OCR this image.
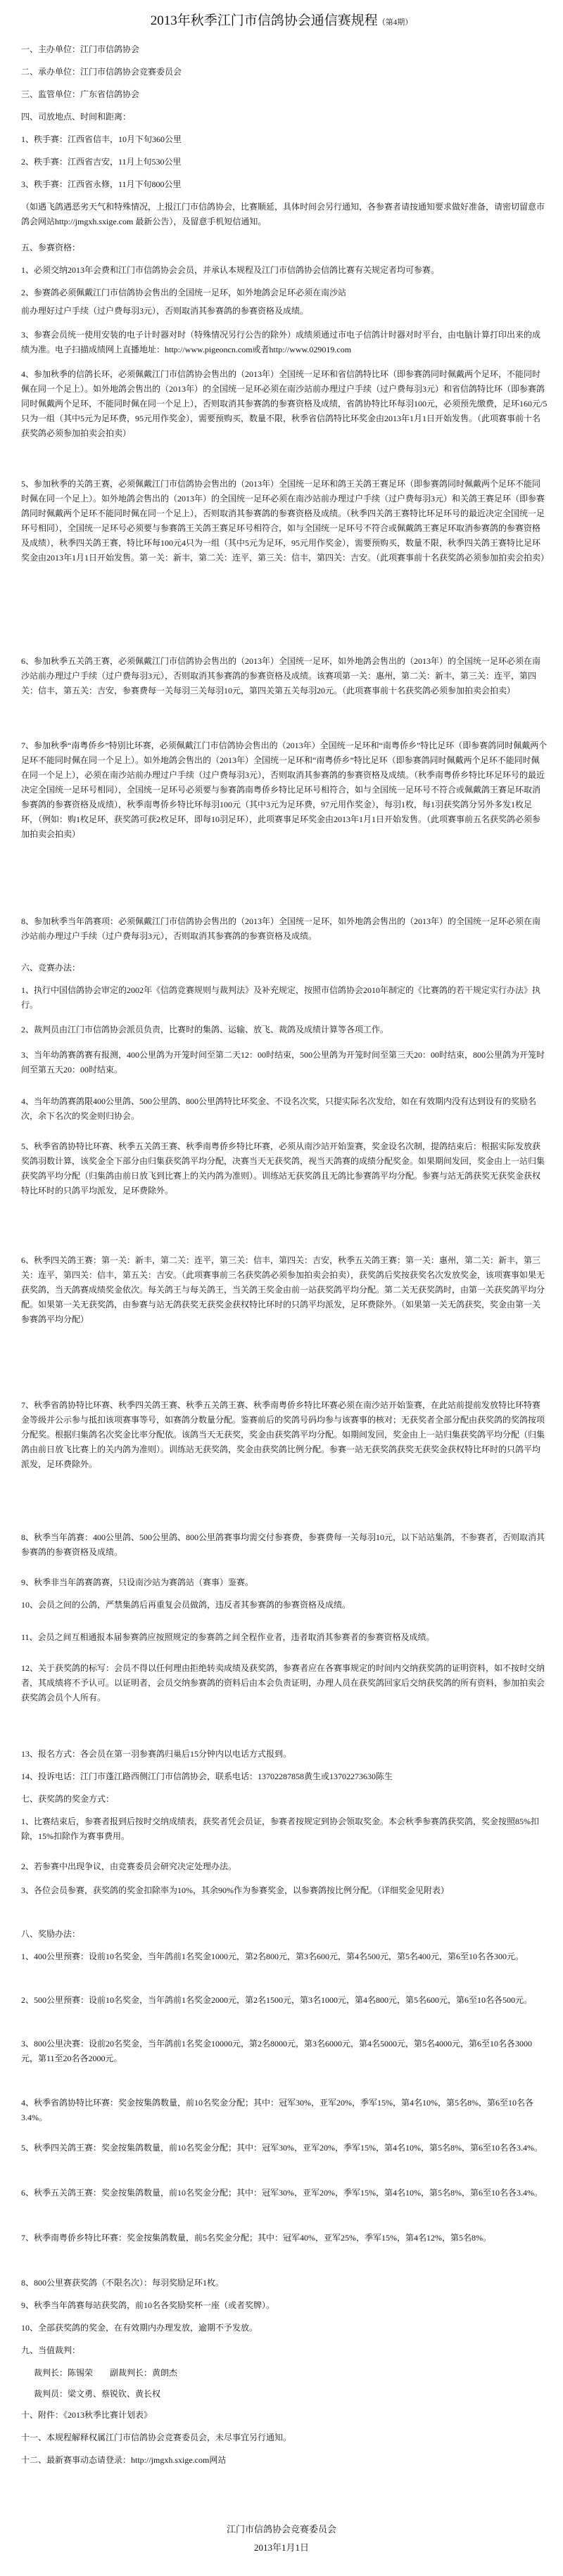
2013年秋季江门市信鸽协会通信赛规程（第4期）
一、主办单位：江门市信鸽协会
二、承办单位：江门市信鸽协会竞赛委员会
三、监管单位：广东省信鸽协会
四、司放地点、时间和距离：
1、秩手赛：江西省信丰，10月下旬360公里
2、秩手赛：江西省吉安，11月上旬530公里
3、秩手赛：江西省永修，11月下旬800公里
（如遇飞鸽遇恶劣天气和特殊情况，上报江门市信鸽协会，比赛顺延，具体时间会另行通知，各参赛者请按通知要求做好准备，请密切留意市鸽会网站http://jmgxh.sxige.com 最新公告），及留意手机短信通知。
五、参赛资格：
1、必须交纳2013年会费和江门市信鸽协会会员，并承认本规程及江门市信鸽协会信鸽比赛有关规定者均可参赛。
2、参赛鸽必须佩戴江门市信鸽协会售出的全国统一足环，如外地鸽会足环必须在南沙站
前办理好过户手续（过户费每羽3元），否则取消其参赛鸽的参赛资格及成绩。
3、参赛会员统一使用安装的电子计时器对时（特殊情况另行公告的除外）成绩须通过市电子信鸽计时器对时平台，由电脑计算打印出来的成绩为准。电子扫描成绩网上直播地址：http://www.pigeoncn.com或者http://www.029019.com
4、参加秋季的信鸽长环，必须佩戴江门市信鸽协会售出的（2013年）全国统一足环和省信鸽特比环（即参赛鸽同时佩戴两个足环，不能同时佩在同一个足上）。如外地鸽会售出的（2013年）的全国统一足环必须在南沙站前办理过户手续（过户费每羽3元）和省信鸽特比环（即参赛鸽同时佩戴两个足环，不能同时佩在同一个足上），否则取消其参赛鸽的参赛资格及成绩，省鸽协特比环每羽100元，必须预先缴费，足环160元/5只为一组（其中5元为足环费，95元用作奖金），需要预购买，数量不限，秋季省信鸽特比环奖金由2013年1月1日开始发售。（此项赛事前十名获奖鸽必须参加拍卖会拍卖）
5、参加秋季的关鸽王赛，必须佩戴江门市信鸽协会售出的（2013年）全国统一足环和鸽王关鸽王赛足环（即参赛鸽同时佩戴两个足环不能同时佩在同一个足上）。如外地鸽会售出的（2013年）的全国统一足环必须在南沙站前办理过户手续（过户费每羽3元）和关鸽王赛足环（即参赛鸽同时佩戴两个足环不能同时佩在同一个足上），否则取消其参赛鸽的参赛资格及成绩。（秋季四关鸽王赛特比环足环号的最近决定全国统一足环号相同），全国统一足环号必须要与参赛鸽王关鸽王赛足环号相符合，如与全国统一足环号不符合或佩戴鸽王赛足环取消参赛鸽的参赛资格及成绩），秋季四关鸽王赛，特比环每100元4只为一组（其中5元为足环，95元用作奖金），需要预购买，数量不限，秋季四关鸽王赛特比足环奖金由2013年1月1日开始发售。第一关：新丰，第二关：连平，第三关：信丰，第四关：吉安。（此项赛事前十名获奖鸽必须参加拍卖会拍卖）
6、参加秋季五关鸽王赛，必须佩戴江门市信鸽协会售出的（2013年）全国统一足环，如外地鸽会售出的（2013年）的全国统一足环必须在南沙站前办理过户手续（过户费每羽3元），否则取消其参赛鸽的参赛资格及成绩。该赛项第一关：惠州，第二关：新丰，第三关：连平，第四关：信丰，第五关：吉安，参赛费每一关每羽三关每羽10元，第四关第五关每羽20元。（此项赛事前十名获奖鸽必须参加拍卖会拍卖）
7、参加秋季“南粤侨乡”特别比环赛，必须佩戴江门市信鸽协会售出的（2013年）全国统一足环和“南粤侨乡”特比足环（即参赛鸽同时佩戴两个足环不能同时佩在同一个足上）。如外地鸽会售出的（2013年）全国统一足环和“南粤侨乡”特比足环（即参赛鸽同时佩戴两个足环不能同时佩在同一个足上），必须在南沙站前办理过户手续（过户费每羽3元），否则取消其参赛鸽的参赛资格及成绩。（秋季南粤侨乡特比环足环号的最近决定全国统一足环号相同），全国统一足环号必须要与参赛鸽南粤侨乡特比足环号相符合，如与全国统一足环号不符合或佩戴鸽王赛足环取消参赛鸽的参赛资格及成绩），秋季南粤侨乡特比环每羽100元（其中3元为足环费，97元用作奖金），每羽1枚，每1羽获奖鸽分另外多发1枚足环，（例如：购1枚足环，获奖鸽可获2枚足环，即每10羽足环），此项赛事足环奖金由2013年1月1日开始发售。（此项赛事前五名获奖鸽必须参加拍卖会拍卖）
8、参加秋季当年鸽赛项：必须佩戴江门市信鸽协会售出的（2013年）全国统一足环，如外地鸽会售出的（2013年）的全国统一足环必须在南沙站前办理过户手续（过户费每羽3元），否则取消其参赛鸽的参赛资格及成绩。
六、竞赛办法：
1、执行中国信鸽协会审定的2002年《信鸽竞赛规则与裁判法》及补充规定，按照市信鸽协会2010年制定的《比赛鸽的若干规定实行办法》执行。
2、裁判员由江门市信鸽协会派员负责，比赛时的集鸽、运输、放飞、裁鸽及成绩计算等各项工作。
3、当年幼鸽赛鸽赛有报测，400公里鸽为开笼时间至第二天12：00时结束，500公里鸽为开笼时间至第三天20：00时结束，800公里鸽为开笼时间至第五天20：00时结束。
4、当年幼鸽赛鸽限400公里鸽、500公里鸽、800公里鸽特比环奖金、不设名次奖，只提实际名次发给，如在有效期内没有达到设有的奖励名次，余下名次的奖金则归协会。
5、秋季省鸽协特比环赛、秋季五关鸽王赛、秋季南粤侨乡特比环赛，必须从南沙站开始鉴赛，奖金设名次制，提鸽结束后：根据实际发放获奖鸽羽数计算，该奖金全下部分由归集获奖鸽平均分配，决赛当天无获奖鸽，视当天鸽赛的成绩分配奖金。如果期间发回，奖金由上一站归集获奖鸽平均分配（归集鸽由前日放飞到比赛上的关内鸽为准则）。训练站无获奖鸽且无鸽比参赛鸽平均分配。参赛与站无鸽获奖无获奖金获权特比环时的只鸽平均派发，足环费除外。
6、秋季四关鸽王赛：第一关：新丰，第二关：连平，第三关：信丰，第四关：吉安，秋季五关鸽王赛：第一关：惠州，第二关：新丰，第三关：连平，第四关：信丰，第五关：吉安。（此项赛事前三名获奖鸽必须参加拍卖会拍卖），获奖鸽后奖按获奖名次发放奖金，该项赛事如果无获奖鸽，当天鸽赛成绩奖金依次。每关鸽王与每关鸽王，当关鸽王奖金由前一站获奖鸽平均分配。第二关无获奖鸽时，由第一关获奖鸽平均分配。如果第一关无获奖鸽，由参赛与站无鸽获奖无获奖金获权特比环时的只鸽平均派发，足环费除外。（如果第一关无鸽获奖，奖金由第一关参赛鸽平均分配）
7、秋季省鸽协特比环赛、秋季四关鸽王赛、秋季五关鸽王赛、秋季南粤侨乡特比环赛必须在南沙站开始鉴赛，在此站前提前发放特比环特赛金等级并公示参与抵扣该项赛事等号，如赛鸽分数量分配。鉴赛前后的奖鸽号码均参与该赛事的核对；无获奖者全部分配由获奖鸽的奖鸽按项分配奖。根据归集鸽名次奖金比率分配依。该鸽当天无获奖，奖金由获奖鸽平均分配。如期间发回，奖金由上一站归集获奖鸽平均分配（归集鸽由前日放飞比赛上的关内鸽为准则）。训练站无获奖鸽，奖金由获奖鸽比例分配。参赛一站无获奖鸽获奖无获奖金获权特比环时的只鸽平均派发，足环费除外。
8、秋季当年鸽赛：400公里鸽、500公里鸽、800公里鸽赛事均需交付参赛费，参赛费每一关每羽10元，以下站站集鸽，不参赛者，否则取消其参赛鸽的参赛资格及成绩。
9、秋季非当年鸽赛鸽赛，只设南沙站为赛鸽站（赛事）鉴赛。
10、会员之间的公鸽，严禁集鸽后再重复会员做鸽，违反者其参赛鸽的参赛资格及成绩。
11、会员之间互相通报本届参赛鸽应按照规定的参赛鸽之间全程作业者，违者取消其参赛者的参赛资格及成绩。
12、关于获奖鸽的标写：会员不得以任何理由拒绝转卖成绩及获奖鸽，参赛者应在各赛事规定的时间内交纳获奖鸽的证明资料，如不按时交纳者，其成绩将不予认可。以证明者，会员交纳参赛鸽的资料后由本会负责证明，办理人员在获奖鸽回家后交纳获奖鸽的所有资料，参加拍卖会获奖鸽会员个人所有。
13、报名方式：各会员在第一羽参赛鸽归巢后15分钟内以电话方式报到。
14、投诉电话：江门市蓬江路西侧江门市信鸽协会，联系电话：13702287858黄生或13702273630陈生
七、获奖鸽的奖金方式：
1、比赛结束后，参赛者报到后按时交纳成绩表，获奖者凭会员证，参赛者按规定到协会领取奖金。本会秋季参赛鸽获奖鸽，奖金按照85%扣除，15%扣除作为赛事费用。
2、若参赛中出现争议，由竞赛委员会研究决定处理办法。
3、各位会员参赛，获奖鸽的奖金扣除率为10%，其余90%作为参赛奖金，以参赛鸽按比例分配。（详细奖金见附表）
八、奖励办法：
1、400公里预赛：设前10名奖金，当年鸽前1名奖金1000元，第2名800元，第3名600元，第4名500元，第5名400元，第6至10名各300元。
2、500公里预赛：设前10名奖金，当年鸽前1名奖金2000元，第2名1500元，第3名1000元，第4名800元，第5名600元，第6至10名各500元。
3、800公里决赛：设前20名奖金，当年鸽前1名奖金10000元，第2名8000元，第3名6000元，第4名5000元，第5名4000元，第6至10名各3000元，第11至20名各2000元。
4、秋季省鸽协特比环赛：奖金按集鸽数量，前10名奖金分配；其中：冠军30%，亚军20%，季军15%，第4名10%，第5名8%，第6至10名各3.4%。
5、秋季四关鸽王赛：奖金按集鸽数量，前10名奖金分配；其中：冠军30%，亚军20%，季军15%，第4名10%，第5名8%，第6至10名各3.4%。
6、秋季五关鸽王赛：奖金按集鸽数量，前10名奖金分配；其中：冠军30%，亚军20%，季军15%，第4名10%，第5名8%，第6至10名各3.4%。
7、秋季南粤侨乡特比环赛：奖金按集鸽数量，前5名奖金分配；其中：冠军40%，亚军25%，季军15%，第4名12%，第5名8%。
8、800公里赛获奖鸽（不限名次）：每羽奖励足环1枚。
9、秋季当年鸽赛每站获奖鸽，前10名各奖励奖杯一座（或者奖牌）。
10、全部获奖鸽的奖金，在有效期内办理发放，逾期不予发放。
九、当值裁判：
裁判长：陈锡荣　　副裁判长：黄朗杰
裁判员：梁文勇、蔡锐钦、黄长权
十、附件：《2013秋季比赛计划表》
十一、本规程解释权属江门市信鸽协会竞赛委员会，未尽事宜另行通知。
十二、最新赛事动态请登录：http://jmgxh.sxige.com网站
江门市信鸽协会竞赛委员会
2013年1月1日
